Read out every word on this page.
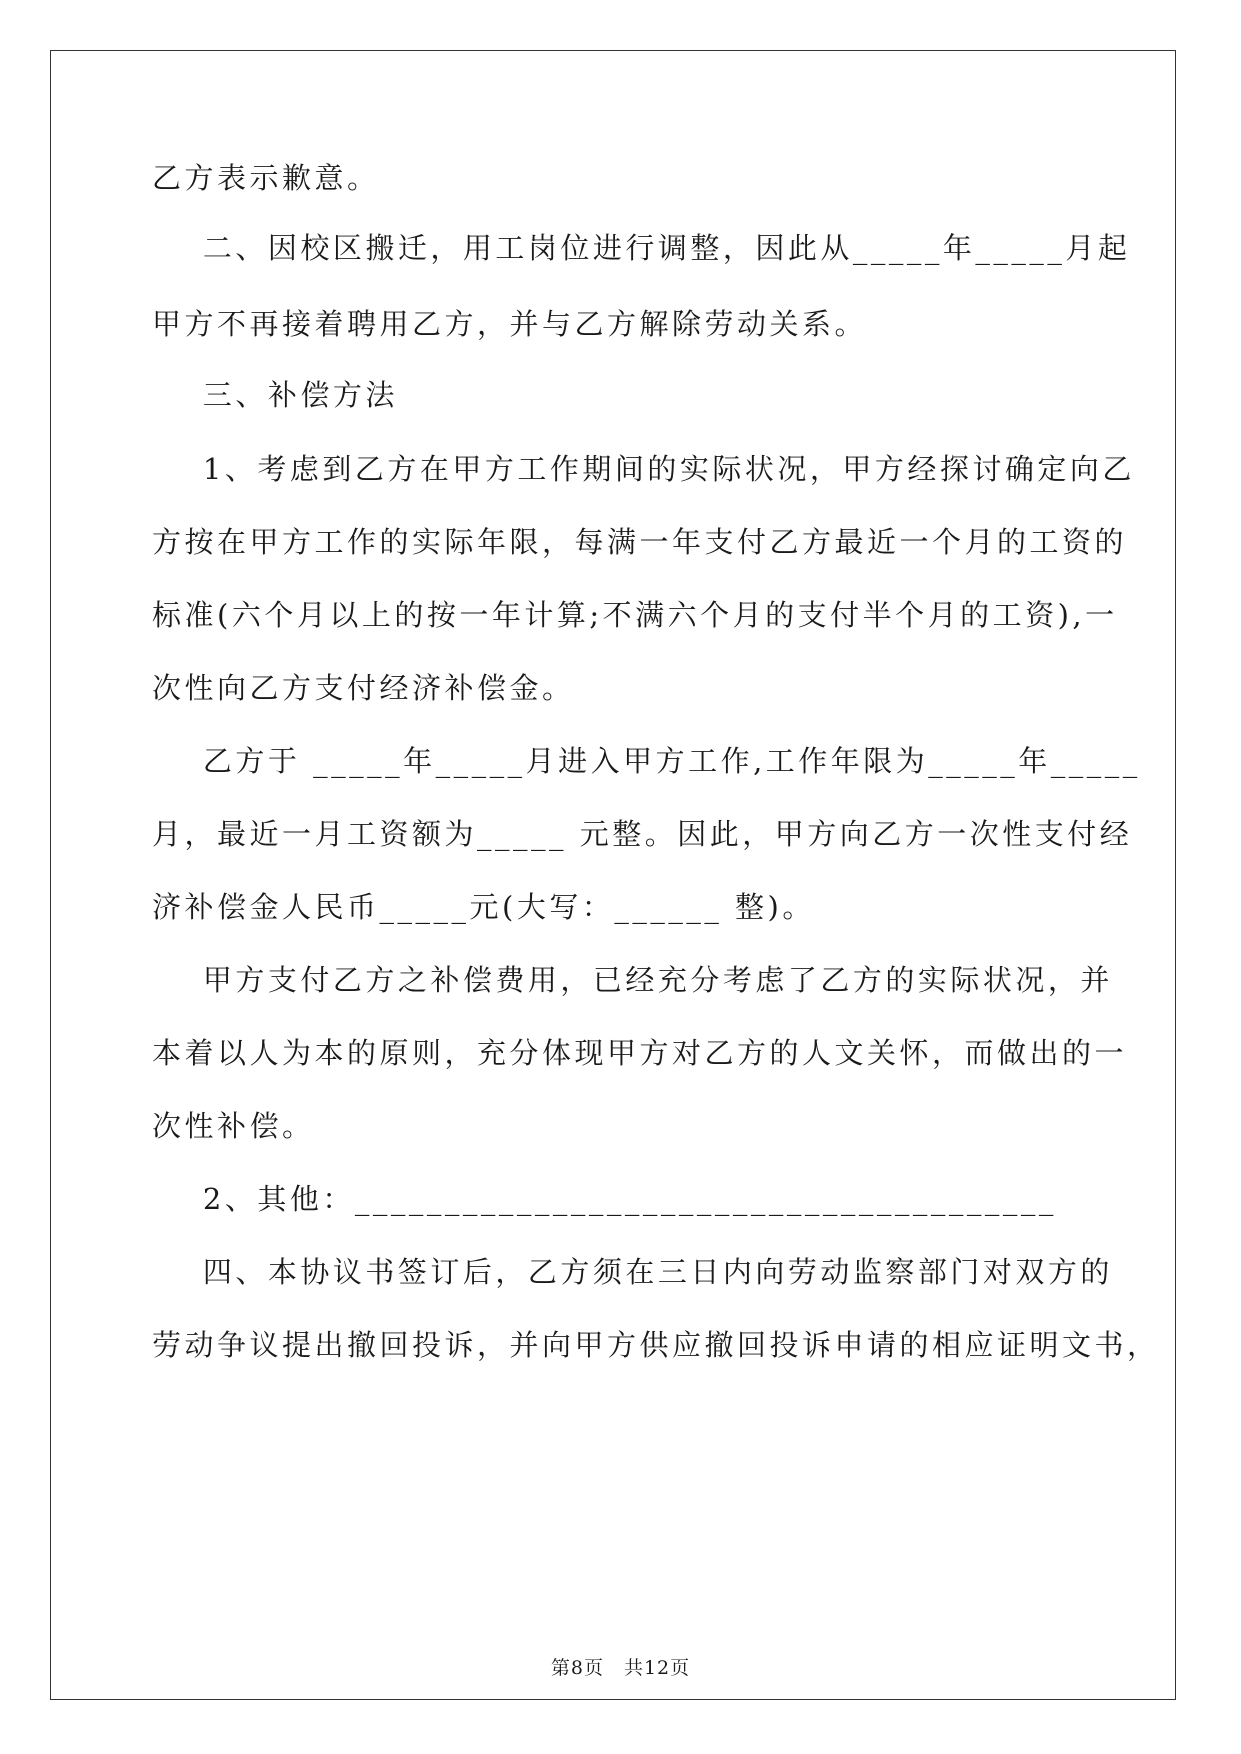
乙方表示歉意。
二、因校区搬迁，用工岗位进行调整，因此从_____年_____月起
甲方不再接着聘用乙方，并与乙方解除劳动关系。
三、补偿方法
1、考虑到乙方在甲方工作期间的实际状况，甲方经探讨确定向乙
方按在甲方工作的实际年限，每满一年支付乙方最近一个月的工资的
标准(六个月以上的按一年计算;不满六个月的支付半个月的工资),一
次性向乙方支付经济补偿金。
乙方于 _____年_____月进入甲方工作,工作年限为_____年_____
月，最近一月工资额为_____ 元整。因此，甲方向乙方一次性支付经
济补偿金人民币_____元(大写：______ 整)。
甲方支付乙方之补偿费用，已经充分考虑了乙方的实际状况，并
本着以人为本的原则，充分体现甲方对乙方的人文关怀，而做出的一
次性补偿。
2、其他：_______________________________________
四、本协议书签订后，乙方须在三日内向劳动监察部门对双方的
劳动争议提出撤回投诉，并向甲方供应撤回投诉申请的相应证明文书，
第8页　共12页
